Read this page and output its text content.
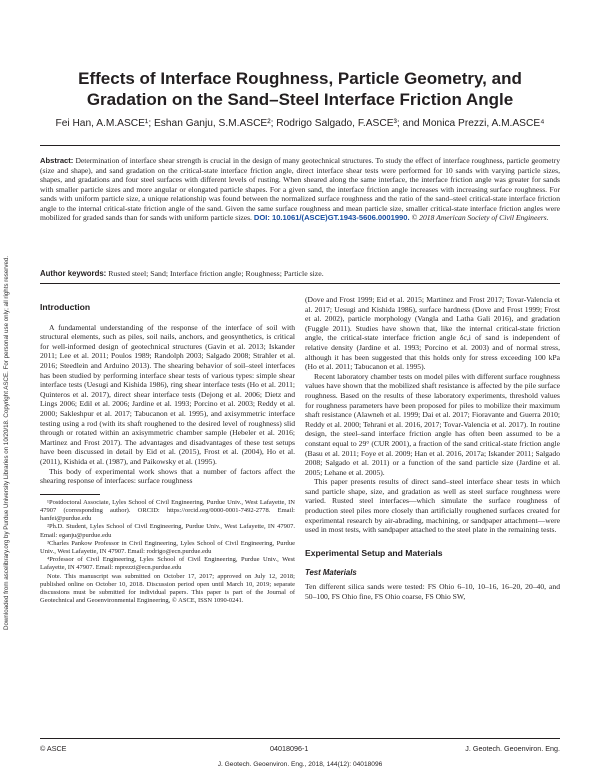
Downloaded from ascelibrary.org by Purdue University Libraries on 10/20/18. Copyright ASCE. For personal use only; all rights reserved.
Effects of Interface Roughness, Particle Geometry, and Gradation on the Sand–Steel Interface Friction Angle
Fei Han, A.M.ASCE¹; Eshan Ganju, S.M.ASCE²; Rodrigo Salgado, F.ASCE³; and Monica Prezzi, A.M.ASCE⁴
Abstract: Determination of interface shear strength is crucial in the design of many geotechnical structures. To study the effect of interface roughness, particle geometry (size and shape), and sand gradation on the critical-state interface friction angle, direct interface shear tests were performed for 10 sands with varying particle sizes, shapes, and gradations and four steel surfaces with different levels of rusting. When sheared along the same interface, the interface friction angle was greater for sands with smaller particle sizes and more angular or elongated particle shapes. For a given sand, the interface friction angle increases with increasing surface roughness. For sands with uniform particle size, a unique relationship was found between the normalized surface roughness and the ratio of the sand–steel critical-state interface friction angle to the internal critical-state friction angle of the sand. Given the same surface roughness and mean particle size, smaller critical-state interface friction angles were mobilized for graded sands than for sands with uniform particle sizes. DOI: 10.1061/(ASCE)GT.1943-5606.0001990. © 2018 American Society of Civil Engineers.
Author keywords: Rusted steel; Sand; Interface friction angle; Roughness; Particle size.
Introduction

A fundamental understanding of the response of the interface of soil with structural elements, such as piles, soil nails, anchors, and geosynthetics, is critical for well-informed design of geotechnical structures (Gavin et al. 2013; Iskander 2011; Lee et al. 2011; Poulos 1989; Randolph 2003; Salgado 2008; Strahler et al. 2016; Steedlein and Arduino 2013). The shearing behavior of soil–steel interfaces has been studied by performing interface shear tests of various types: simple shear interface tests (Uesugi and Kishida 1986), ring shear interface tests (Ho et al. 2011; Quinteros et al. 2017), direct shear interface tests (Dejong et al. 2006; Dietz and Lings 2006; Edil et al. 2006; Jardine et al. 1993; Porcino et al. 2003; Reddy et al. 2000; Sakleshpur et al. 2017; Tabucanon et al. 1995), and axisymmetric interface testing using a rod (with its shaft roughened to the desired level of roughness) slid through or rotated within an axisymmetric chamber sample (Hebeler et al. 2016; Martinez and Frost 2017). The advantages and disadvantages of these test setups have been discussed in detail by Eid et al. (2015), Frost et al. (2004), Ho et al. (2011), Kishida et al. (1987), and Paikowsky et al. (1995).

This body of experimental work shows that a number of factors affect the shearing response of interfaces: surface roughness

¹Postdoctoral Associate, Lyles School of Civil Engineering, Purdue Univ., West Lafayette, IN 47907 (corresponding author). ORCID: https://orcid.org/0000-0001-7492-2778. Email: hanfei@purdue.edu

²Ph.D. Student, Lyles School of Civil Engineering, Purdue Univ., West Lafayette, IN 47907. Email: eganju@purdue.edu

³Charles Pankow Professor in Civil Engineering, Lyles School of Civil Engineering, Purdue Univ., West Lafayette, IN 47907. Email: rodrigo@ecn.purdue.edu

⁴Professor of Civil Engineering, Lyles School of Civil Engineering, Purdue Univ., West Lafayette, IN 47907. Email: mprezzi@ecn.purdue.edu

Note. This manuscript was submitted on October 17, 2017; approved on July 12, 2018; published online on October 10, 2018. Discussion period open until March 10, 2019; separate discussions must be submitted for individual papers. This paper is part of the Journal of Geotechnical and Geoenvironmental Engineering, © ASCE, ISSN 1090-0241.

(Dove and Frost 1999; Eid et al. 2015; Martinez and Frost 2017; Tovar-Valencia et al. 2017; Uesugi and Kishida 1986), surface hardness (Dove and Frost 1999; Frost et al. 2002), particle morphology (Vangla and Latha Gali 2016), and gradation (Fuggle 2011). Studies have shown that, like the internal critical-state friction angle, the critical-state interface friction angle δc,i of sand is independent of relative density (Jardine et al. 1993; Porcino et al. 2003) and of normal stress, although it has been suggested that this holds only for stress exceeding 100 kPa (Ho et al. 2011; Tabucanon et al. 1995).

Recent laboratory chamber tests on model piles with different surface roughness values have shown that the mobilized shaft resistance is affected by the pile surface roughness. Based on the results of these laboratory experiments, threshold values for roughness parameters have been proposed for piles to mobilize their maximum shaft resistance (Alawneh et al. 1999; Dai et al. 2017; Fioravante and Guerra 2010; Reddy et al. 2000; Tehrani et al. 2016, 2017; Tovar-Valencia et al. 2017). In routine design, the steel–sand interface friction angle has often been assumed to be a constant equal to 29° (CUR 2001), a fraction of the sand critical-state friction angle (Basu et al. 2011; Foye et al. 2009; Han et al. 2016, 2017a; Iskander 2011; Salgado 2008; Salgado et al. 2011) or a function of the sand particle size (Jardine et al. 2005; Lehane et al. 2005).

This paper presents results of direct sand–steel interface shear tests in which sand particle shape, size, and gradation as well as steel surface roughness were varied. Rusted steel interfaces—which simulate the surface roughness of production steel piles more closely than artificially roughened surfaces created for experimental research by air-abrading, machining, or sandpaper attachment—were used in most tests, with sandpaper attached to the steel plate in the remaining tests.

Experimental Setup and Materials
Test Materials

Ten different silica sands were tested: FS Ohio 6–10, 10–16, 16–20, 20–40, and 50–100, FS Ohio fine, FS Ohio coarse, FS Ohio SW,

© ASCE	04018096-1	J. Geotech. Geoenviron. Eng.
J. Geotech. Geoenviron. Eng., 2018, 144(12): 04018096
